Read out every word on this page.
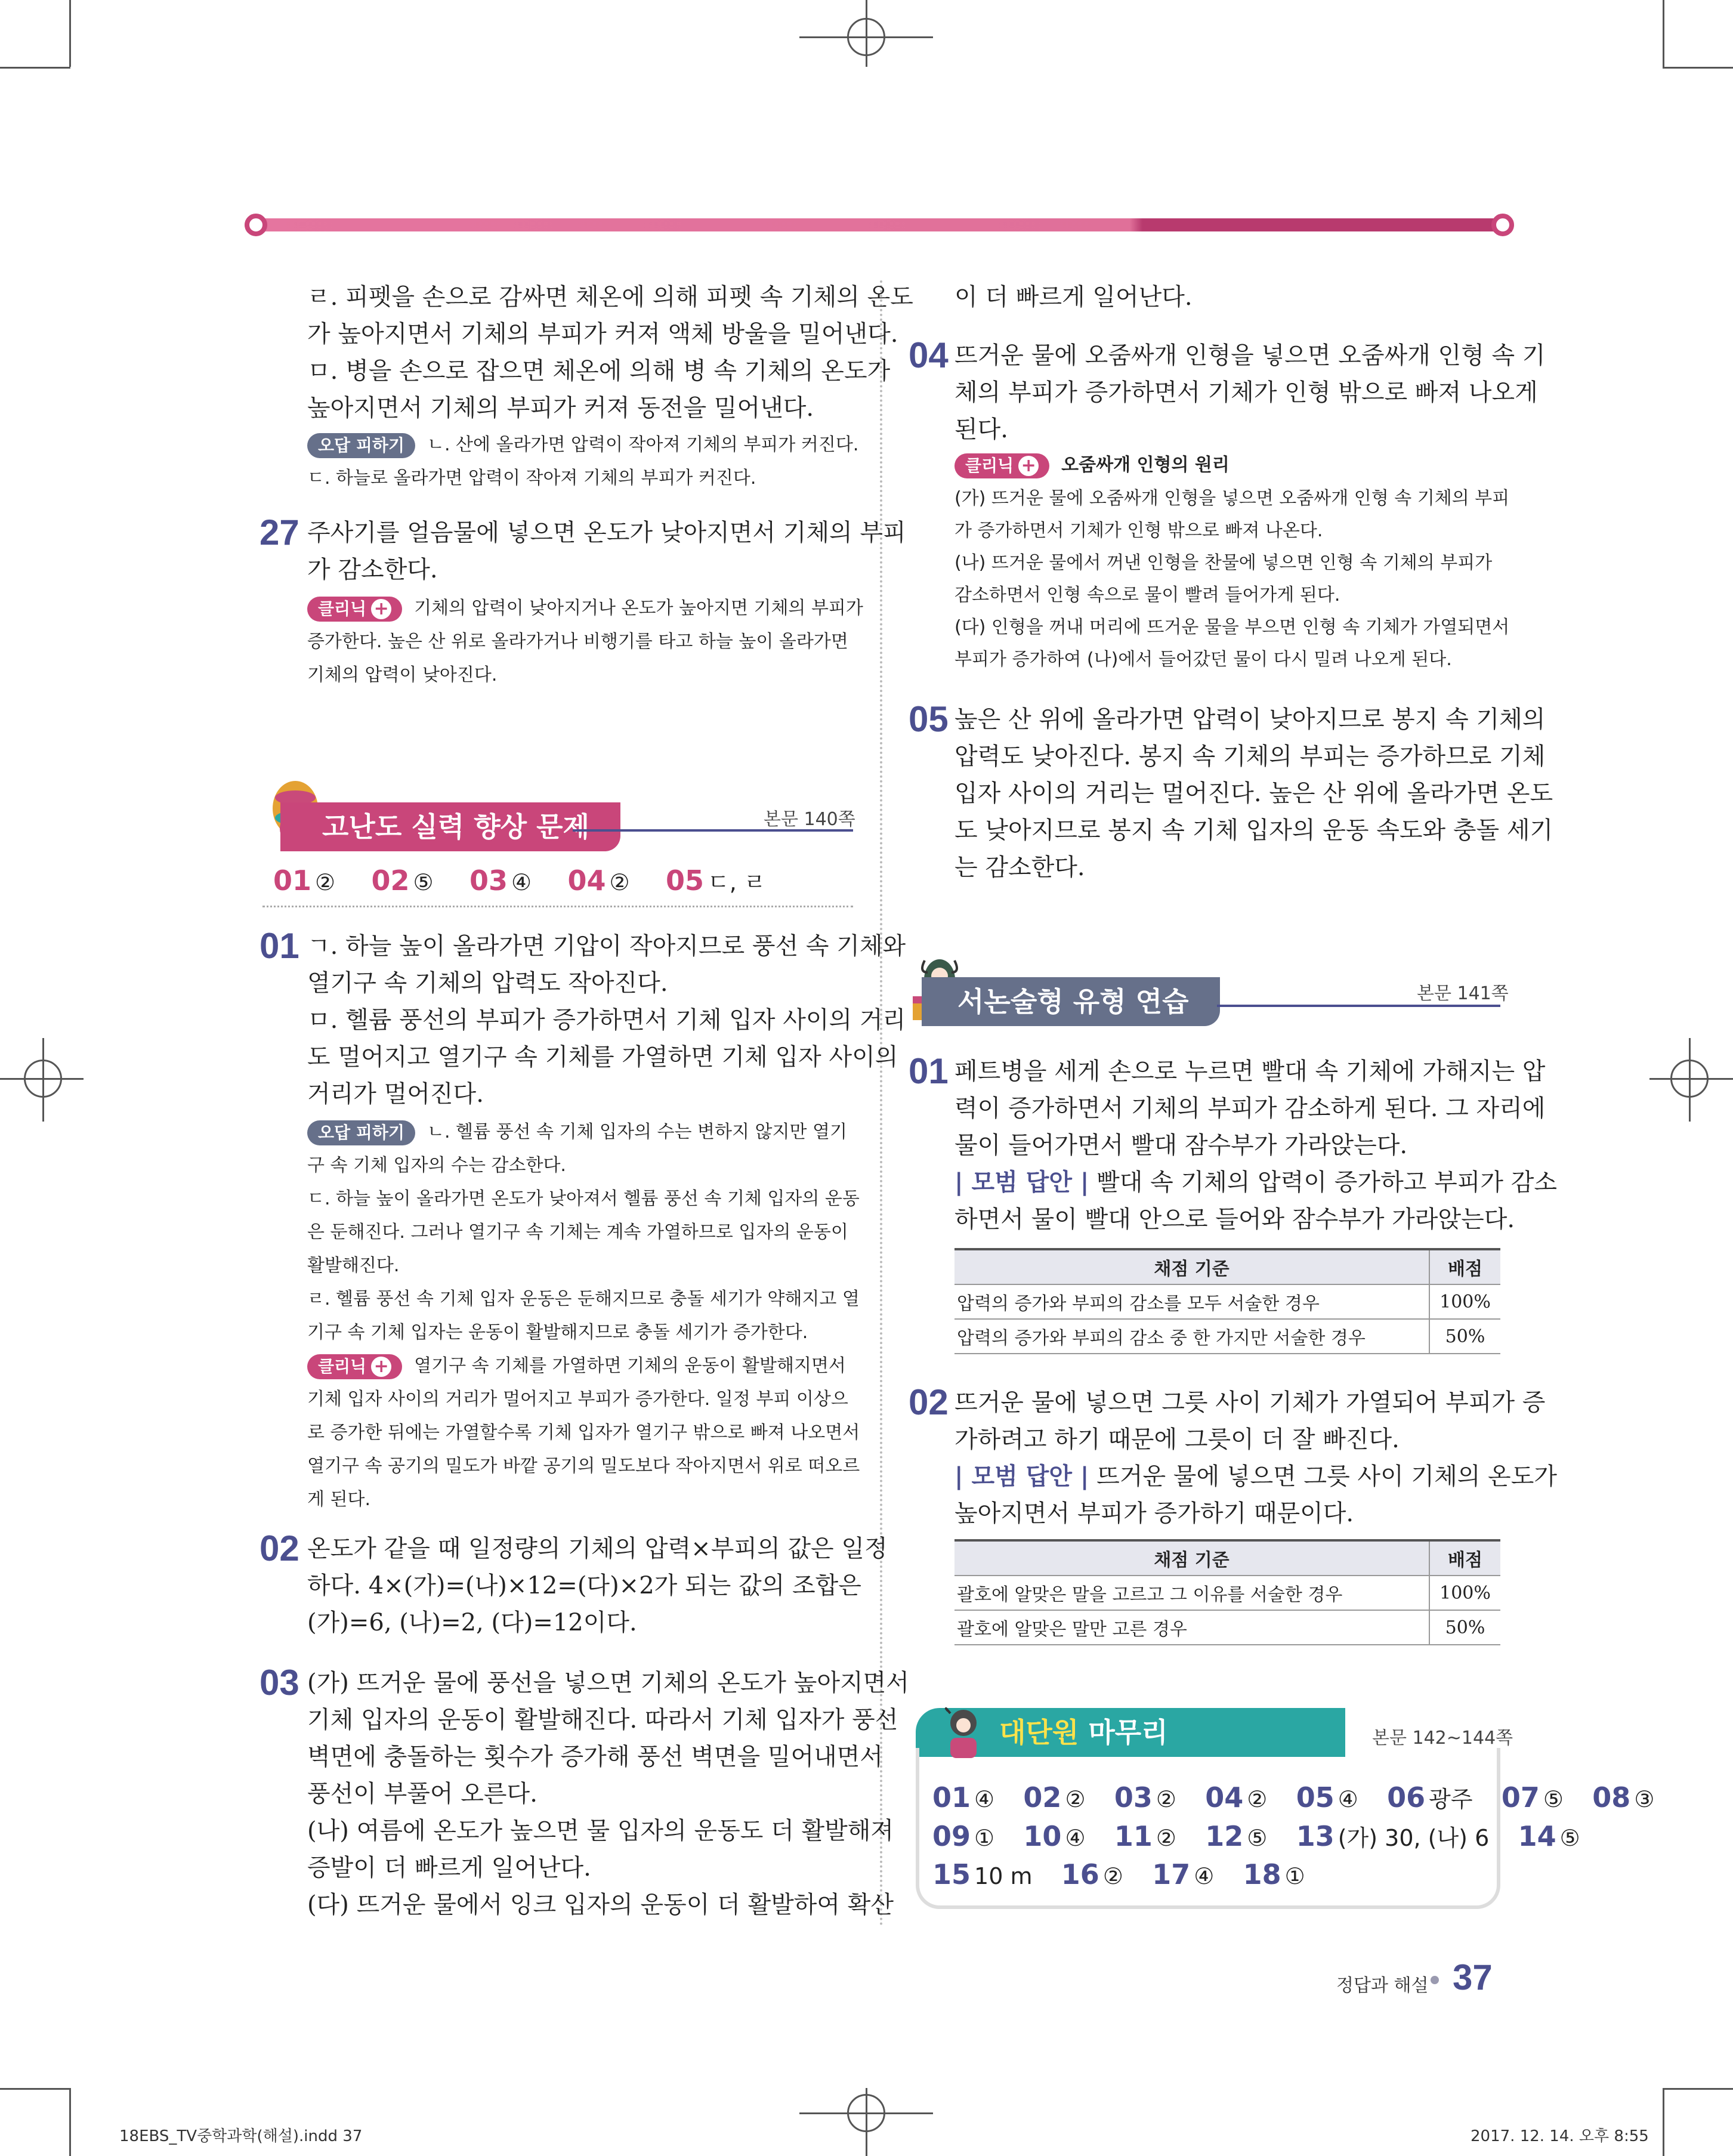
ㄹ. 피펫을 손으로 감싸면 체온에 의해 피펫 속 기체의 온도
가 높아지면서 기체의 부피가 커져 액체 방울을 밀어낸다.
ㅁ. 병을 손으로 잡으면 체온에 의해 병 속 기체의 온도가
높아지면서 기체의 부피가 커져 동전을 밀어낸다.
오답 피하기 ㄴ. 산에 올라가면 압력이 작아져 기체의 부피가 커진다.
ㄷ. 하늘로 올라가면 압력이 작아져 기체의 부피가 커진다.
27 주사기를 얼음물에 넣으면 온도가 낮아지면서 기체의 부피
가 감소한다.
클리닉 + 기체의 압력이 낮아지거나 온도가 높아지면 기체의 부피가
증가한다. 높은 산 위로 올라가거나 비행기를 타고 하늘 높이 올라가면
기체의 압력이 낮아진다.
고난도 실력 향상 문제	본문 140쪽
01 ② 02 ⑤ 03 ④ 04 ② 05 ㄷ, ㄹ
01 ㄱ. 하늘 높이 올라가면 기압이 작아지므로 풍선 속 기체와
열기구 속 기체의 압력도 작아진다.
ㅁ. 헬륨 풍선의 부피가 증가하면서 기체 입자 사이의 거리
도 멀어지고 열기구 속 기체를 가열하면 기체 입자 사이의
거리가 멀어진다.
오답 피하기 ㄴ. 헬륨 풍선 속 기체 입자의 수는 변하지 않지만 열기
구 속 기체 입자의 수는 감소한다.
ㄷ. 하늘 높이 올라가면 온도가 낮아져서 헬륨 풍선 속 기체 입자의 운동
은 둔해진다. 그러나 열기구 속 기체는 계속 가열하므로 입자의 운동이
활발해진다.
ㄹ. 헬륨 풍선 속 기체 입자 운동은 둔해지므로 충돌 세기가 약해지고 열
기구 속 기체 입자는 운동이 활발해지므로 충돌 세기가 증가한다.
클리닉 + 열기구 속 기체를 가열하면 기체의 운동이 활발해지면서
기체 입자 사이의 거리가 멀어지고 부피가 증가한다. 일정 부피 이상으
로 증가한 뒤에는 가열할수록 기체 입자가 열기구 밖으로 빠져 나오면서
열기구 속 공기의 밀도가 바깥 공기의 밀도보다 작아지면서 위로 떠오르
게 된다.
02 온도가 같을 때 일정량의 기체의 압력×부피의 값은 일정
하다. 4×(가)=(나)×12=(다)×2가 되는 값의 조합은
(가)=6, (나)=2, (다)=12이다.
03 (가) 뜨거운 물에 풍선을 넣으면 기체의 온도가 높아지면서
기체 입자의 운동이 활발해진다. 따라서 기체 입자가 풍선
벽면에 충돌하는 횟수가 증가해 풍선 벽면을 밀어내면서
풍선이 부풀어 오른다.
(나) 여름에 온도가 높으면 물 입자의 운동도 더 활발해져
증발이 더 빠르게 일어난다.
(다) 뜨거운 물에서 잉크 입자의 운동이 더 활발하여 확산
이 더 빠르게 일어난다.
04 뜨거운 물에 오줌싸개 인형을 넣으면 오줌싸개 인형 속 기
체의 부피가 증가하면서 기체가 인형 밖으로 빠져 나오게
된다.
클리닉 + 오줌싸개 인형의 원리
(가) 뜨거운 물에 오줌싸개 인형을 넣으면 오줌싸개 인형 속 기체의 부피
가 증가하면서 기체가 인형 밖으로 빠져 나온다.
(나) 뜨거운 물에서 꺼낸 인형을 찬물에 넣으면 인형 속 기체의 부피가
감소하면서 인형 속으로 물이 빨려 들어가게 된다.
(다) 인형을 꺼내 머리에 뜨거운 물을 부으면 인형 속 기체가 가열되면서
부피가 증가하여 (나)에서 들어갔던 물이 다시 밀려 나오게 된다.
05 높은 산 위에 올라가면 압력이 낮아지므로 봉지 속 기체의
압력도 낮아진다. 봉지 속 기체의 부피는 증가하므로 기체
입자 사이의 거리는 멀어진다. 높은 산 위에 올라가면 온도
도 낮아지므로 봉지 속 기체 입자의 운동 속도와 충돌 세기
는 감소한다.
서논술형 유형 연습	본문 141쪽
01 페트병을 세게 손으로 누르면 빨대 속 기체에 가해지는 압
력이 증가하면서 기체의 부피가 감소하게 된다. 그 자리에
물이 들어가면서 빨대 잠수부가 가라앉는다.
| 모범 답안 | 빨대 속 기체의 압력이 증가하고 부피가 감소
하면서 물이 빨대 안으로 들어와 잠수부가 가라앉는다.
채점 기준	배점
압력의 증가와 부피의 감소를 모두 서술한 경우	100%
압력의 증가와 부피의 감소 중 한 가지만 서술한 경우	50%
02 뜨거운 물에 넣으면 그릇 사이 기체가 가열되어 부피가 증
가하려고 하기 때문에 그릇이 더 잘 빠진다.
| 모범 답안 | 뜨거운 물에 넣으면 그릇 사이 기체의 온도가
높아지면서 부피가 증가하기 때문이다.
채점 기준	배점
괄호에 알맞은 말을 고르고 그 이유를 서술한 경우	100%
괄호에 알맞은 말만 고른 경우	50%
대단원 마무리	본문 142~144쪽
01 ④ 02 ② 03 ② 04 ② 05 ④ 06 광주 07 ⑤ 08 ③
09 ① 10 ④ 11 ② 12 ⑤ 13 (가) 30, (나) 6 14 ⑤
15 10 m 16 ② 17 ④ 18 ①
정답과 해설 37
18EBS_TV중학과학(해설).indd 37	2017. 12. 14. 오후 8:55
